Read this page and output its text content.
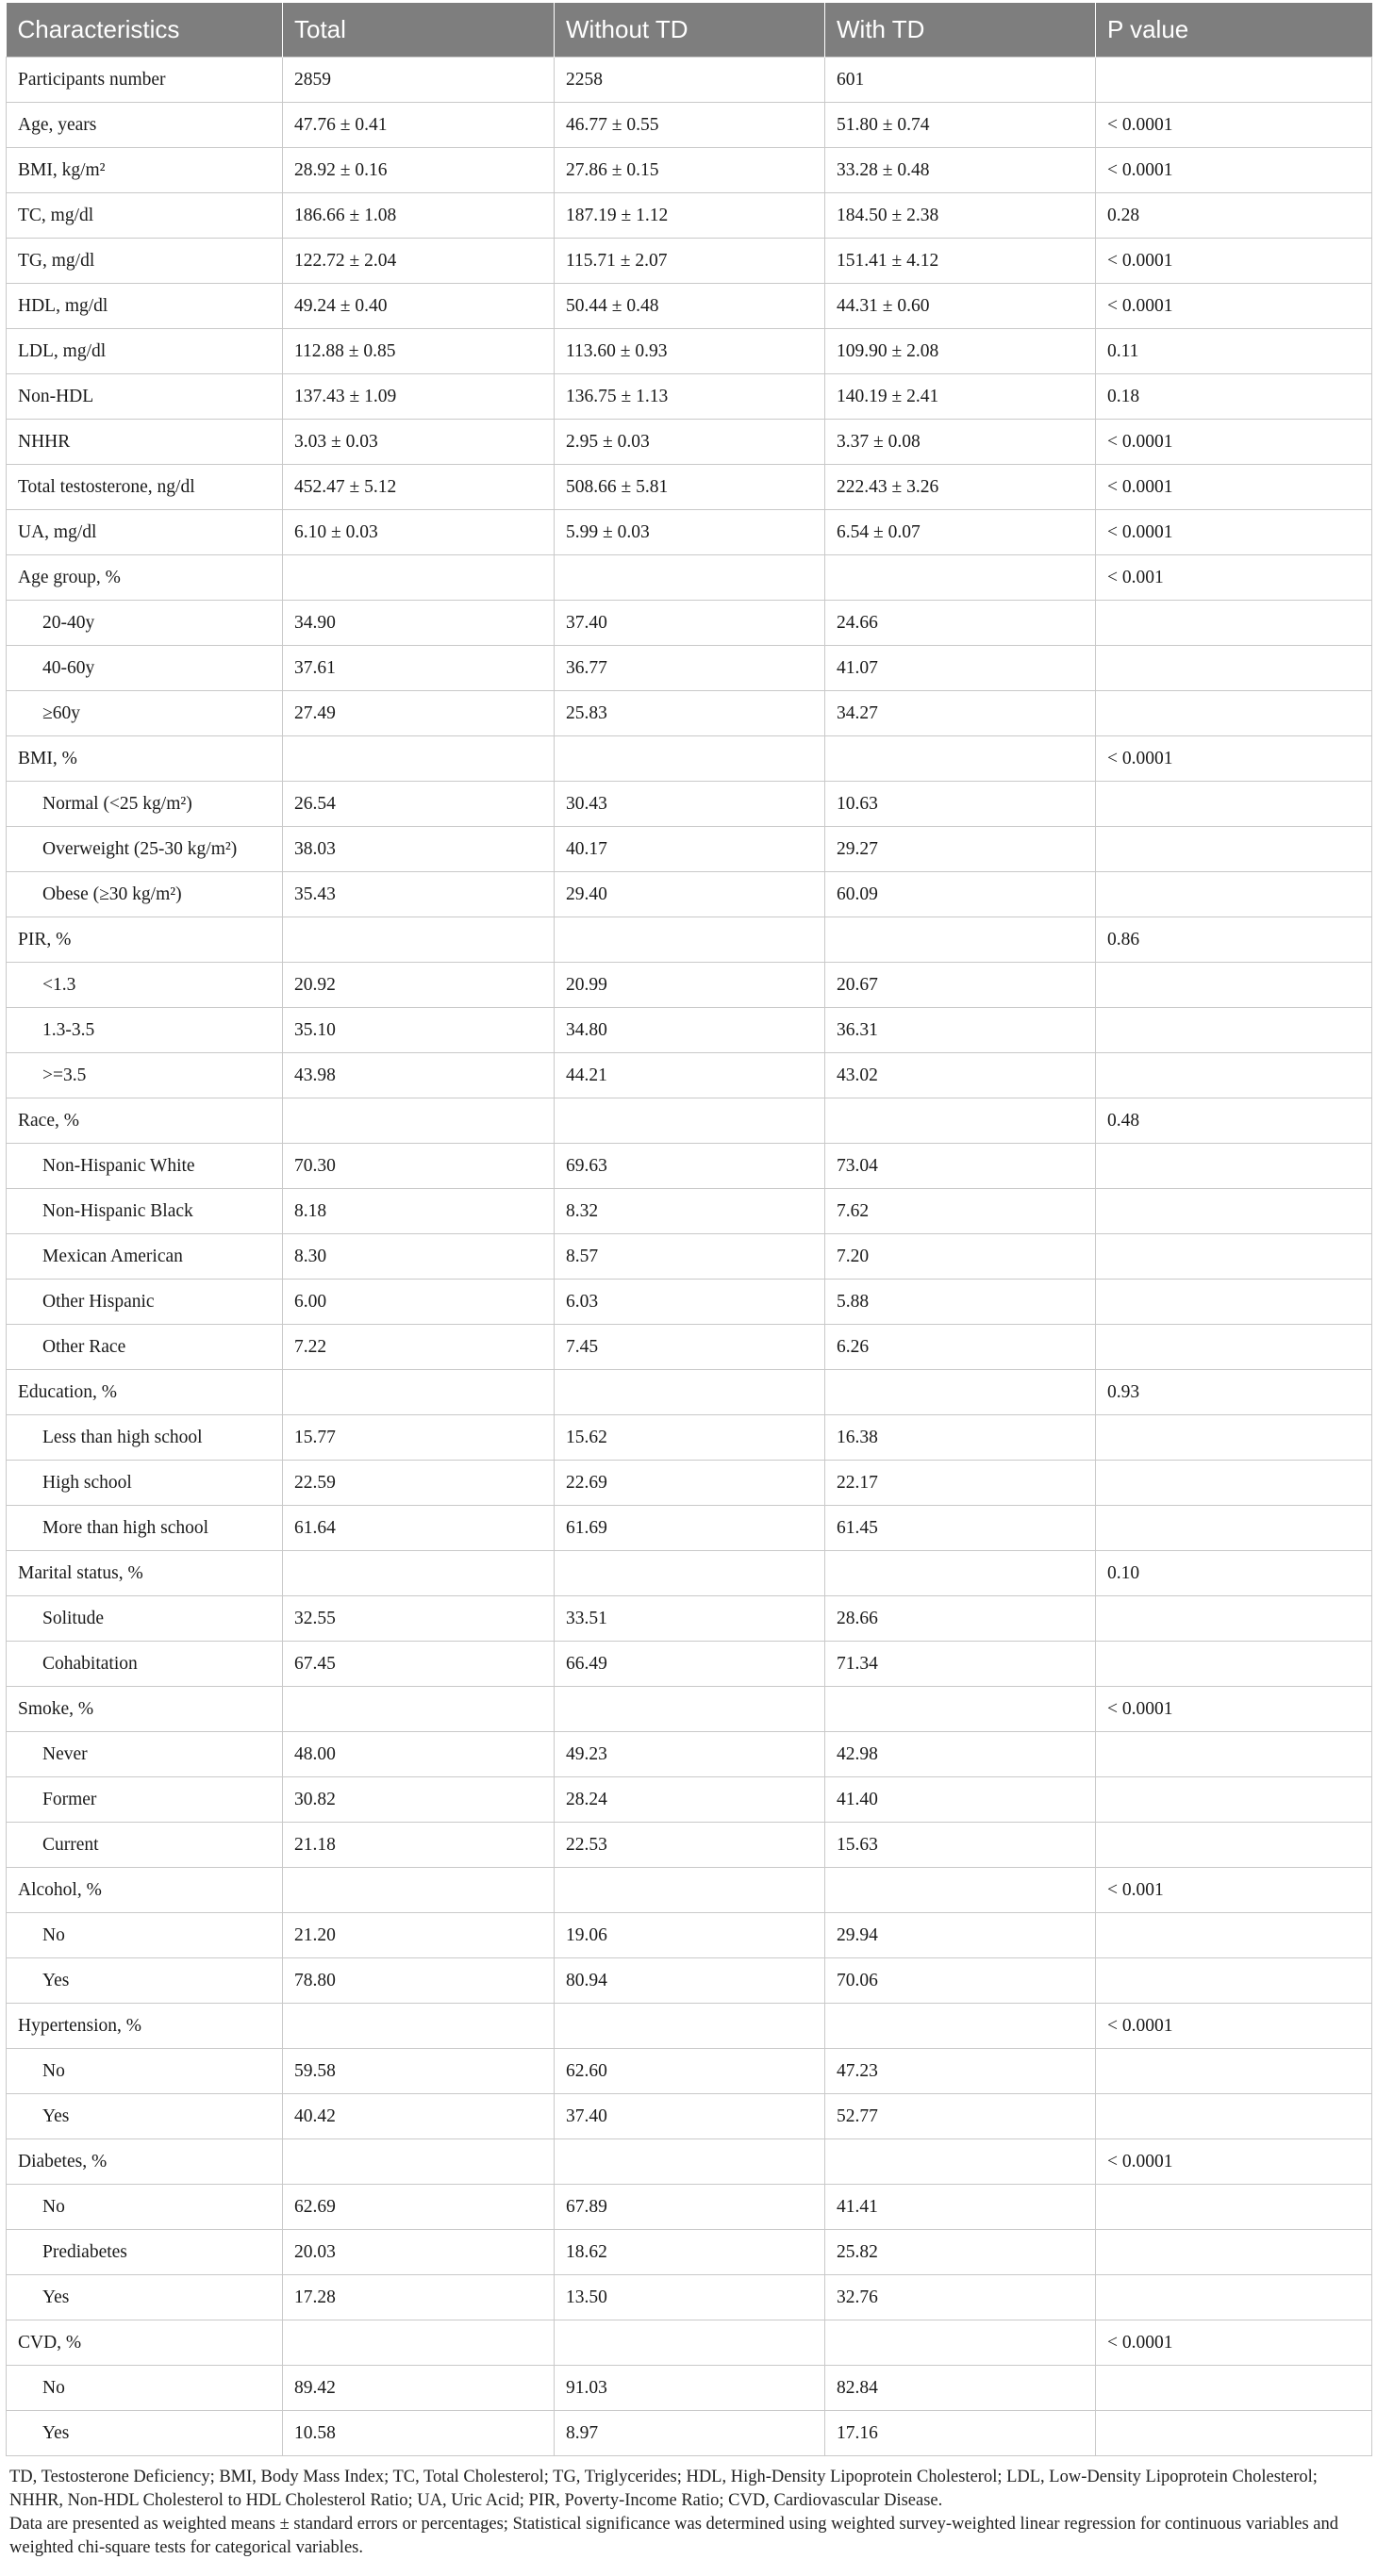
Characteristics	Total	Without TD	With TD	P value
Participants number	2859	2258	601	
Age, years	47.76 ± 0.41	46.77 ± 0.55	51.80 ± 0.74	< 0.0001
BMI, kg/m²	28.92 ± 0.16	27.86 ± 0.15	33.28 ± 0.48	< 0.0001
TC, mg/dl	186.66 ± 1.08	187.19 ± 1.12	184.50 ± 2.38	0.28
TG, mg/dl	122.72 ± 2.04	115.71 ± 2.07	151.41 ± 4.12	< 0.0001
HDL, mg/dl	49.24 ± 0.40	50.44 ± 0.48	44.31 ± 0.60	< 0.0001
LDL, mg/dl	112.88 ± 0.85	113.60 ± 0.93	109.90 ± 2.08	0.11
Non-HDL	137.43 ± 1.09	136.75 ± 1.13	140.19 ± 2.41	0.18
NHHR	3.03 ± 0.03	2.95 ± 0.03	3.37 ± 0.08	< 0.0001
Total testosterone, ng/dl	452.47 ± 5.12	508.66 ± 5.81	222.43 ± 3.26	< 0.0001
UA, mg/dl	6.10 ± 0.03	5.99 ± 0.03	6.54 ± 0.07	< 0.0001
Age group, %				< 0.001
20-40y	34.90	37.40	24.66	
40-60y	37.61	36.77	41.07	
≥60y	27.49	25.83	34.27	
BMI, %				< 0.0001
Normal (<25 kg/m²)	26.54	30.43	10.63	
Overweight (25-30 kg/m²)	38.03	40.17	29.27	
Obese (≥30 kg/m²)	35.43	29.40	60.09	
PIR, %				0.86
<1.3	20.92	20.99	20.67	
1.3-3.5	35.10	34.80	36.31	
>=3.5	43.98	44.21	43.02	
Race, %				0.48
Non-Hispanic White	70.30	69.63	73.04	
Non-Hispanic Black	8.18	8.32	7.62	
Mexican American	8.30	8.57	7.20	
Other Hispanic	6.00	6.03	5.88	
Other Race	7.22	7.45	6.26	
Education, %				0.93
Less than high school	15.77	15.62	16.38	
High school	22.59	22.69	22.17	
More than high school	61.64	61.69	61.45	
Marital status, %				0.10
Solitude	32.55	33.51	28.66	
Cohabitation	67.45	66.49	71.34	
Smoke, %				< 0.0001
Never	48.00	49.23	42.98	
Former	30.82	28.24	41.40	
Current	21.18	22.53	15.63	
Alcohol, %				< 0.001
No	21.20	19.06	29.94	
Yes	78.80	80.94	70.06	
Hypertension, %				< 0.0001
No	59.58	62.60	47.23	
Yes	40.42	37.40	52.77	
Diabetes, %				< 0.0001
No	62.69	67.89	41.41	
Prediabetes	20.03	18.62	25.82	
Yes	17.28	13.50	32.76	
CVD, %				< 0.0001
No	89.42	91.03	82.84	
Yes	10.58	8.97	17.16	
TD, Testosterone Deficiency; BMI, Body Mass Index; TC, Total Cholesterol; TG, Triglycerides; HDL, High-Density Lipoprotein Cholesterol; LDL, Low-Density Lipoprotein Cholesterol; NHHR, Non-HDL Cholesterol to HDL Cholesterol Ratio; UA, Uric Acid; PIR, Poverty-Income Ratio; CVD, Cardiovascular Disease.
Data are presented as weighted means ± standard errors or percentages; Statistical significance was determined using weighted survey-weighted linear regression for continuous variables and weighted chi-square tests for categorical variables.
